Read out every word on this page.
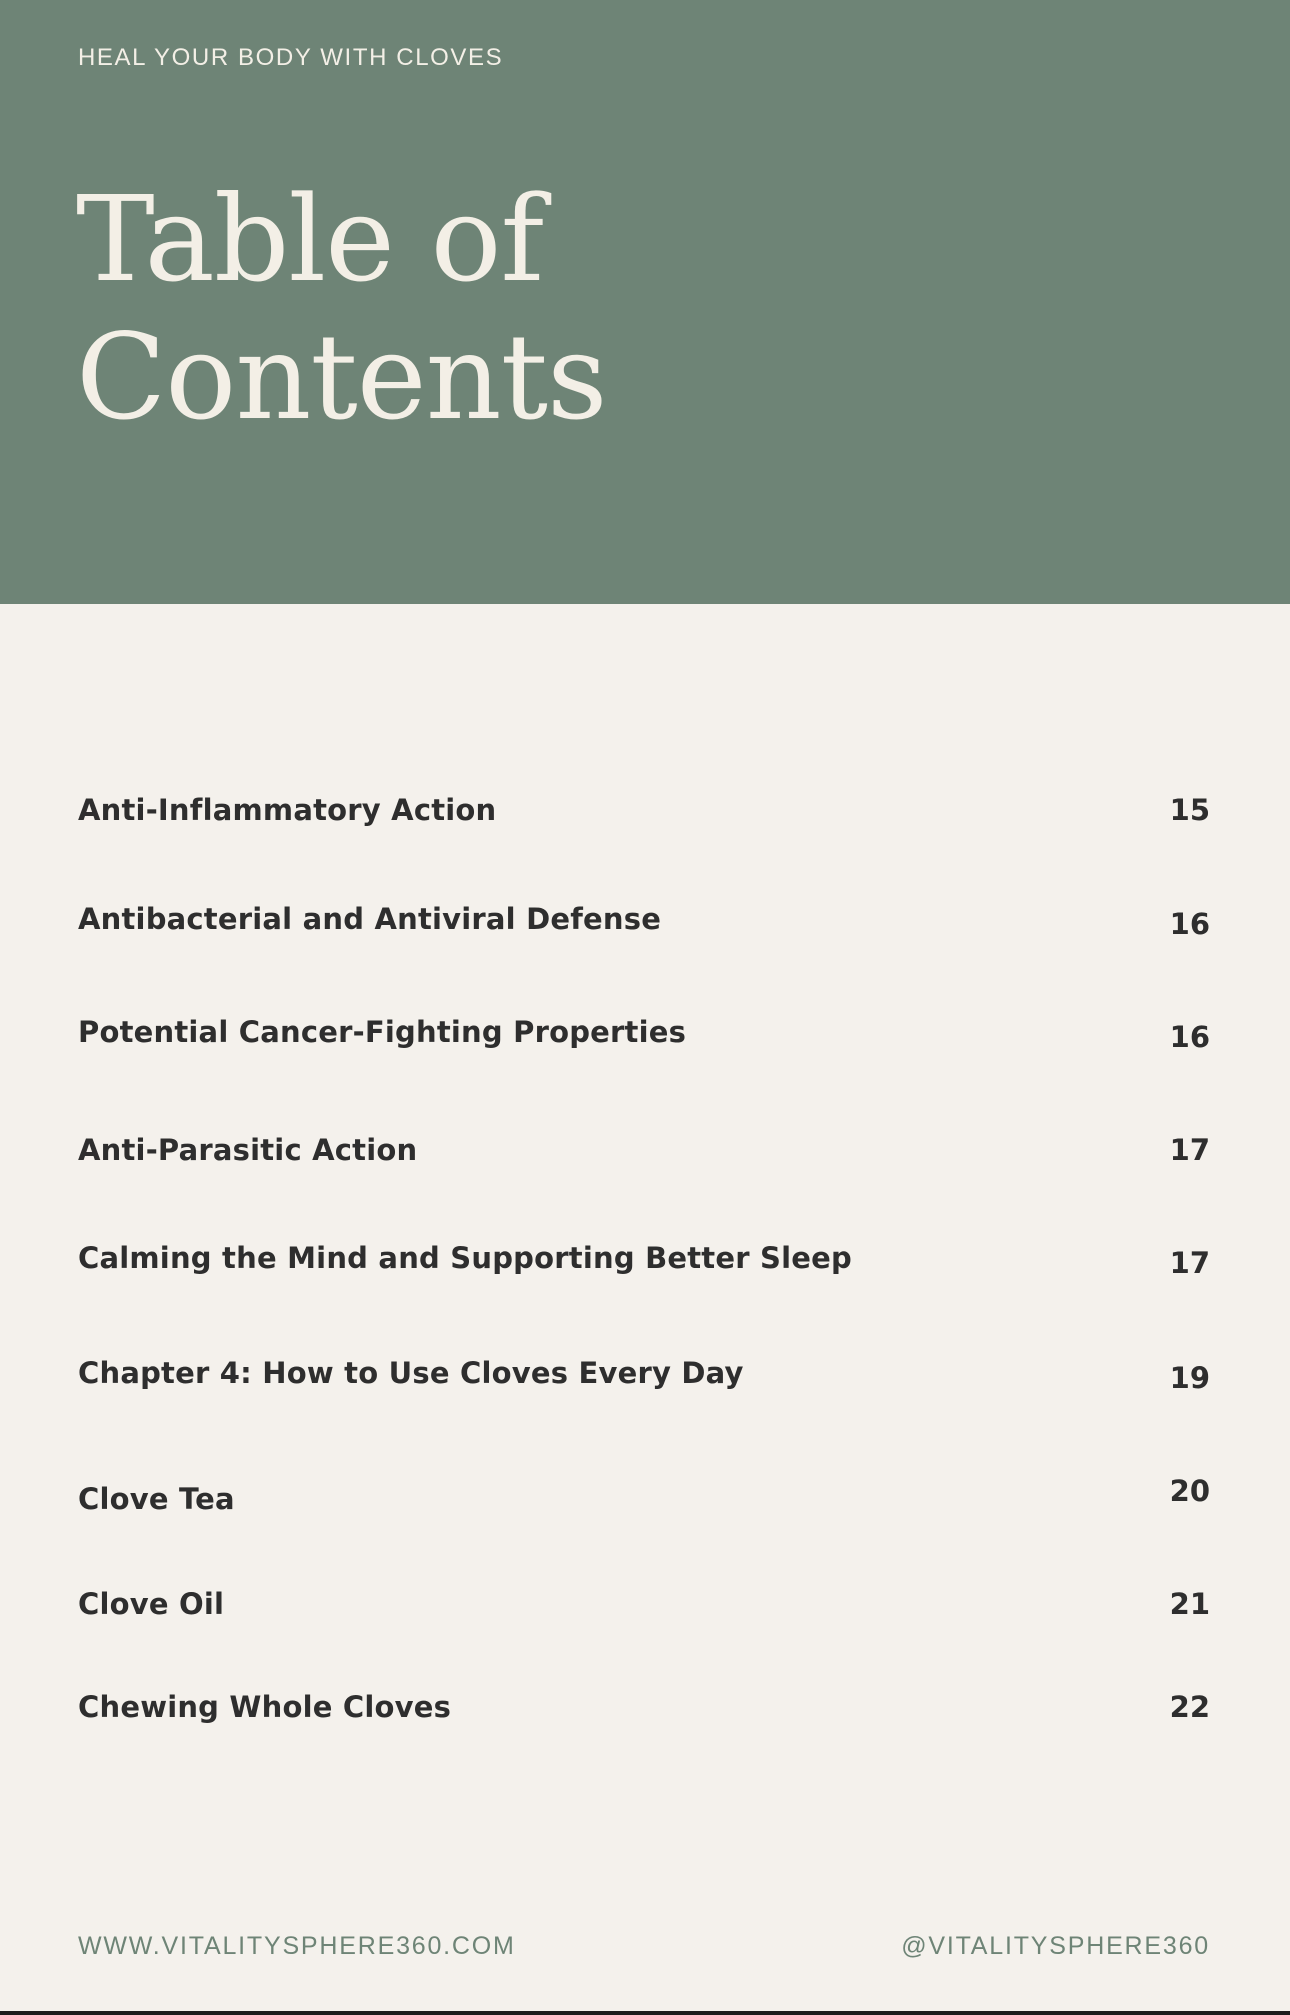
HEAL YOUR BODY WITH CLOVES
Table of
Contents
Anti-Inflammatory Action	15
Antibacterial and Antiviral Defense	16
Potential Cancer-Fighting Properties	16
Anti-Parasitic Action	17
Calming the Mind and Supporting Better Sleep	17
Chapter 4: How to Use Cloves Every Day	19
Clove Tea	20
Clove Oil	21
Chewing Whole Cloves	22
WWW.VITALITYSPHERE360.COM	@VITALITYSPHERE360
